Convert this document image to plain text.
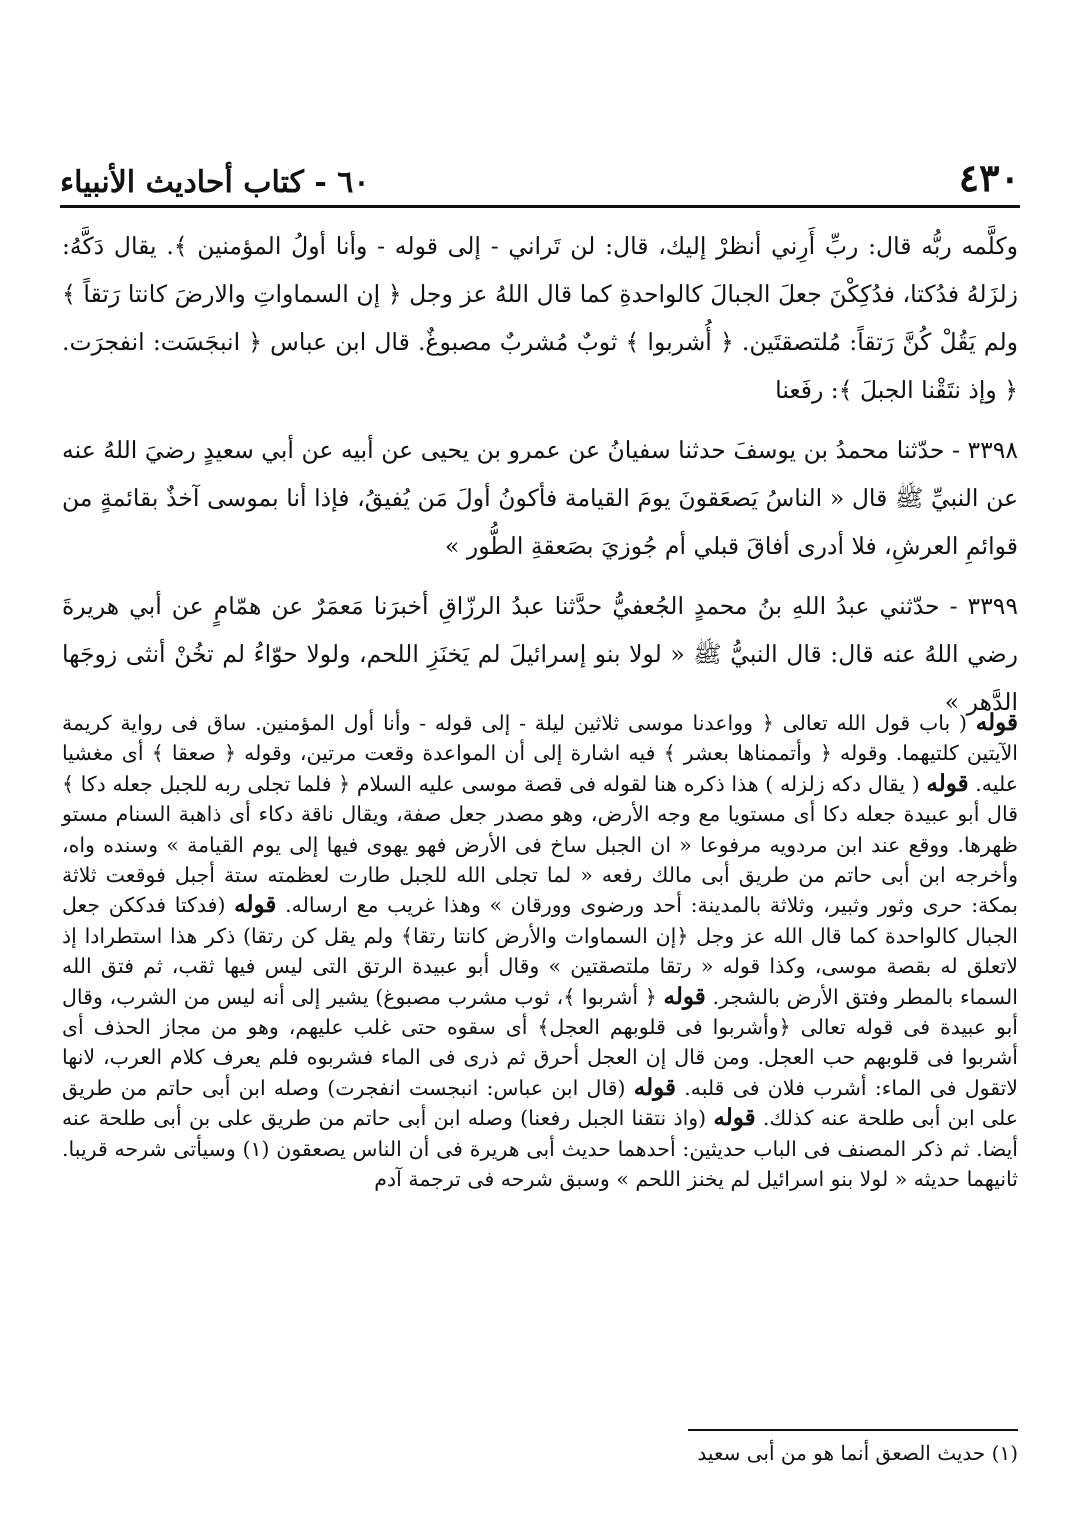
٦٠ - كتاب أحاديث الأنبياء	٤٣٠

وكلَّمه ربُّه قال: ربِّ أَرِني أنظرْ إليك، قال: لن تَراني - إلى قوله - وأنا أولُ المؤمنين ﴾. يقال دَكَّهُ: زلزَلهُ فدُكتا، فدُكِكْنَ جعلَ الجبالَ كالواحدةِ كما قال اللهُ عز وجل ﴿ إن السماواتِ والارضَ كانتا رَتقاً ﴾ ولم يَقُلْ كُنَّ رَتقاً: مُلتصقتَين. ﴿ أُشربوا ﴾ ثوبٌ مُشربٌ مصبوغٌ. قال ابن عباس ﴿ انبجَسَت: انفجرَت. ﴿ وإذ نتَقْنا الجبلَ ﴾: رفَعنا

٣٣٩٨ - حدّثنا محمدُ بن يوسفَ حدثنا سفيانُ عن عمرو بن يحيى عن أبيه عن أبي سعيدٍ رضيَ اللهُ عنه عن النبيِّ ﷺ قال « الناسُ يَصعَقونَ يومَ القيامة فأكونُ أولَ مَن يُفيقُ، فإذا أنا بموسى آخذٌ بقائمةٍ من قوائمِ العرشِ، فلا أدرى أفاقَ قبلي أم جُوزيَ بصَعقةِ الطُّور »

٣٣٩٩ - حدّثني عبدُ اللهِ بنُ محمدٍ الجُعفيُّ حدَّثنا عبدُ الرزّاقِ أخبرَنا مَعمَرٌ عن همّامٍ عن أبي هريرةَ رضي اللهُ عنه قال: قال النبيُّ ﷺ « لولا بنو إسرائيلَ لم يَخنَزِ اللحم، ولولا حوّاءُ لم تخُنْ أنثى زوجَها الدَّهر »

قوله ( باب قول الله تعالى ﴿ وواعدنا موسى ثلاثين ليلة - إلى قوله - وأنا أول المؤمنين. ساق فى رواية كريمة الآيتين كلتيهما. وقوله ﴿ وأتممناها بعشر ﴾ فيه اشارة إلى أن المواعدة وقعت مرتين، وقوله ﴿ صعقا ﴾ أى مغشيا عليه. قوله ( يقال دكه زلزله ) هذا ذكره هنا لقوله فى قصة موسى عليه السلام ﴿ فلما تجلى ربه للجبل جعله دكا ﴾ قال أبو عبيدة جعله دكا أى مستويا مع وجه الأرض، وهو مصدر جعل صفة، ويقال ناقة دكاء أى ذاهبة السنام مستو ظهرها. ووقع عند ابن مردويه مرفوعا « ان الجبل ساخ فى الأرض فهو يهوى فيها إلى يوم القيامة » وسنده واه، وأخرجه ابن أبى حاتم من طريق أبى مالك رفعه « لما تجلى الله للجبل طارت لعظمته ستة أجبل فوقعت ثلاثة بمكة: حرى وثور وثبير، وثلاثة بالمدينة: أحد ورضوى وورقان » وهذا غريب مع ارساله. قوله (فدكتا فدككن جعل الجبال كالواحدة كما قال الله عز وجل ﴿إن السماوات والأرض كانتا رتقا﴾ ولم يقل كن رتقا) ذكر هذا استطرادا إذ لاتعلق له بقصة موسى، وكذا قوله « رتقا ملتصقتين » وقال أبو عبيدة الرتق التى ليس فيها ثقب، ثم فتق الله السماء بالمطر وفتق الأرض بالشجر. قوله ﴿ أشربوا ﴾، ثوب مشرب مصبوغ) يشير إلى أنه ليس من الشرب، وقال أبو عبيدة فى قوله تعالى ﴿وأشربوا فى قلوبهم العجل﴾ أى سقوه حتى غلب عليهم، وهو من مجاز الحذف أى أشربوا فى قلوبهم حب العجل. ومن قال إن العجل أحرق ثم ذرى فى الماء فشربوه فلم يعرف كلام العرب، لانها لاتقول فى الماء: أشرب فلان فى قلبه. قوله (قال ابن عباس: انبجست انفجرت) وصله ابن أبى حاتم من طريق على ابن أبى طلحة عنه كذلك. قوله (واذ نتقنا الجبل رفعنا) وصله ابن أبى حاتم من طريق على بن أبى طلحة عنه أيضا. ثم ذكر المصنف فى الباب حديثين: أحدهما حديث أبى هريرة فى أن الناس يصعقون (١) وسيأتى شرحه قريبا. ثانيهما حديثه « لولا بنو اسرائيل لم يخنز اللحم » وسبق شرحه فى ترجمة آدم

(١) حديث الصعق أنما هو من أبى سعيد
